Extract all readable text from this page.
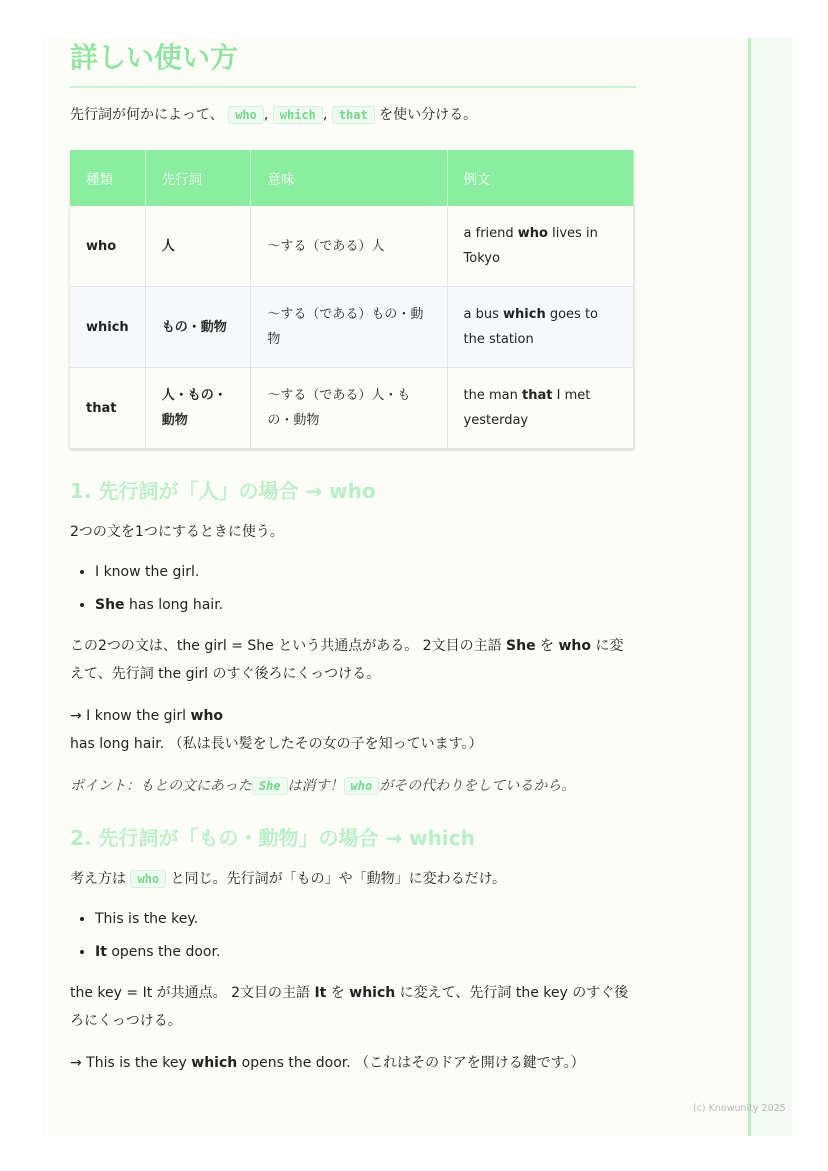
詳しい使い方
先行詞が何かによって、 who , which , that を使い分ける。
種類	先行詞	意味	例文
who	人	〜する（である）人	a friend who lives in Tokyo
which	もの・動物	〜する（である）もの・動物	a bus which goes to the station
that	人・もの・動物	〜する（である）人・もの・動物	the man that I met yesterday
1. 先行詞が「人」の場合 → who

2つの文を1つにするときに使う。

• I know the girl.
• She has long hair.

この2つの文は、the girl = She という共通点がある。 2文目の主語 She を who に変えて、先行詞 the girl のすぐ後ろにくっつける。

→ I know the girl who has long hair. （私は長い髪をしたその女の子を知っています。）

ポイント：もとの文にあった She は消す！ who がその代わりをしているから。

2. 先行詞が「もの・動物」の場合 → which

考え方は who と同じ。先行詞が「もの」や「動物」に変わるだけ。

• This is the key.
• It opens the door.

the key = It が共通点。 2文目の主語 It を which に変えて、先行詞 the key のすぐ後ろにくっつける。

→ This is the key which opens the door. （これはそのドアを開ける鍵です。）

(c) Knowunity 2025
